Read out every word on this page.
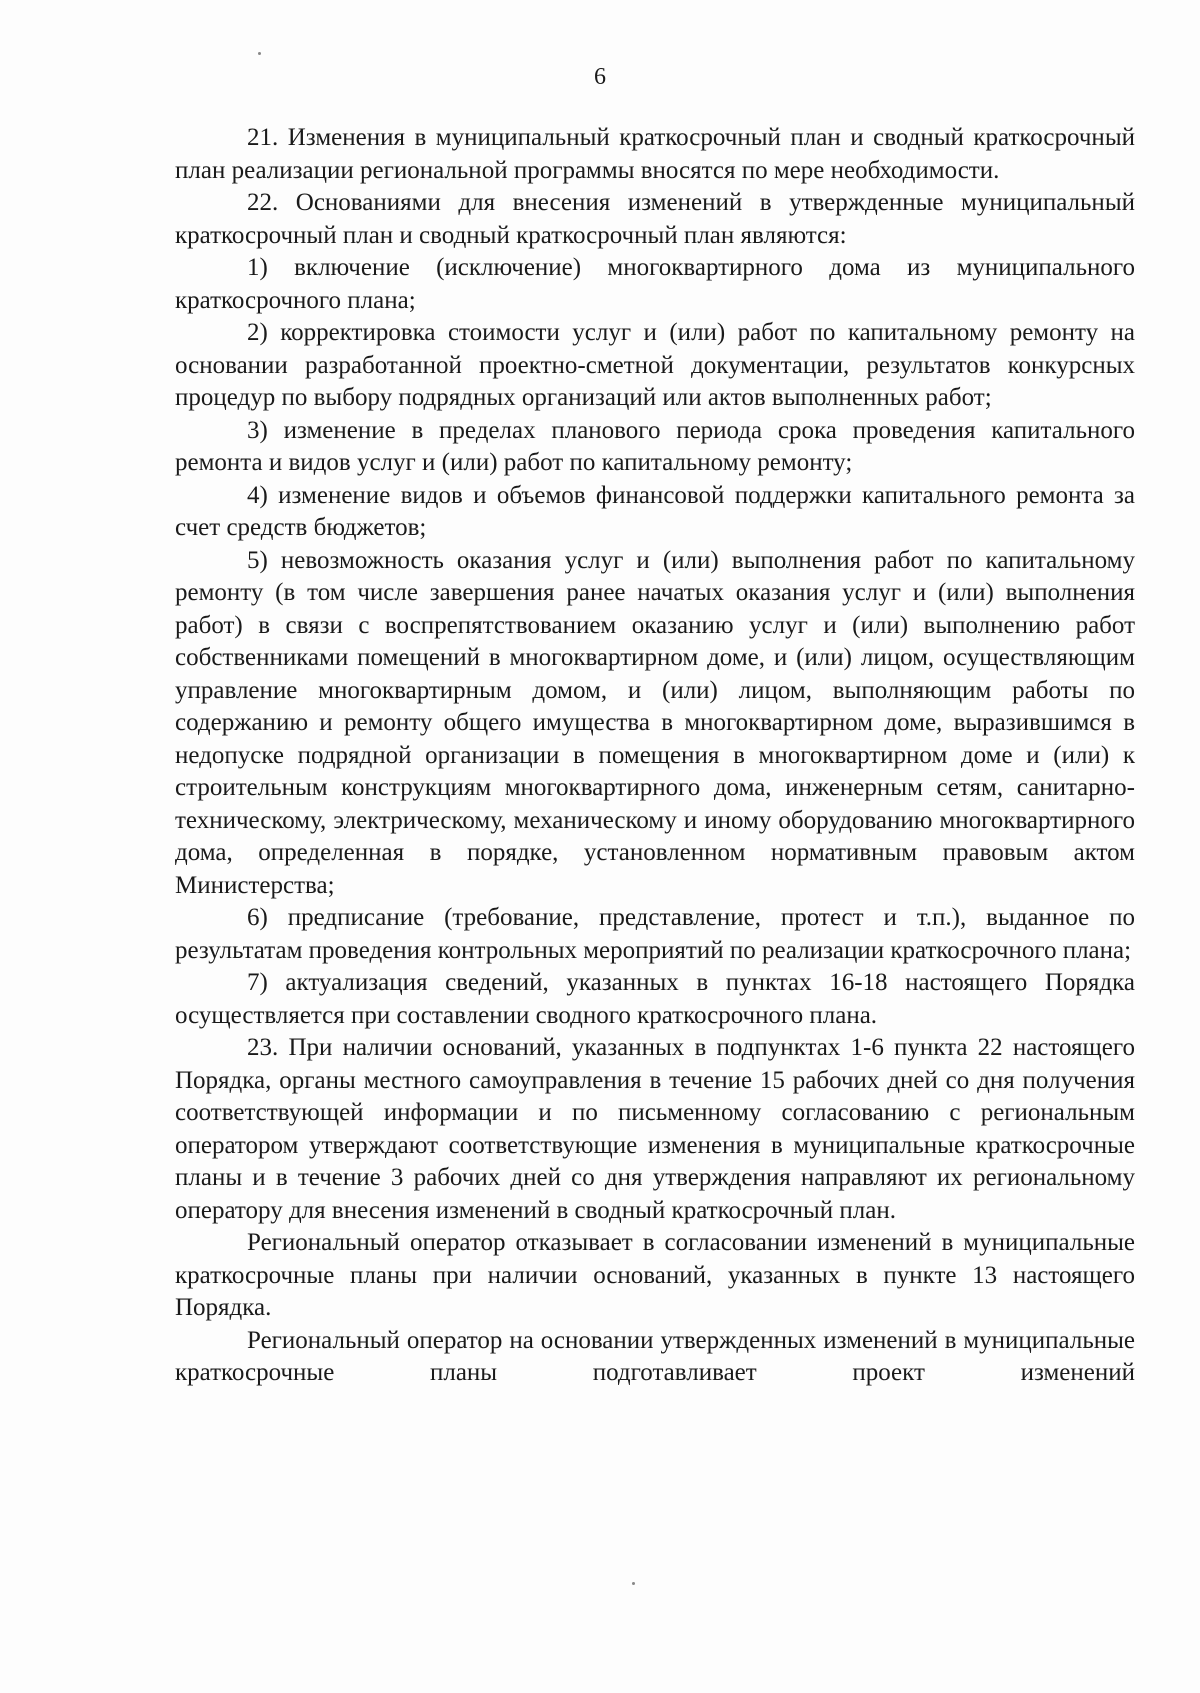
6

21. Изменения в муниципальный краткосрочный план и сводный краткосрочный план реализации региональной программы вносятся по мере необходимости.

22. Основаниями для внесения изменений в утвержденные муниципальный краткосрочный план и сводный краткосрочный план являются:

1) включение (исключение) многоквартирного дома из муниципального краткосрочного плана;

2) корректировка стоимости услуг и (или) работ по капитальному ремонту на основании разработанной проектно-сметной документации, результатов конкурсных процедур по выбору подрядных организаций или актов выполненных работ;

3) изменение в пределах планового периода срока проведения капитального ремонта и видов услуг и (или) работ по капитальному ремонту;

4) изменение видов и объемов финансовой поддержки капитального ремонта за счет средств бюджетов;

5) невозможность оказания услуг и (или) выполнения работ по капитальному ремонту (в том числе завершения ранее начатых оказания услуг и (или) выполнения работ) в связи с воспрепятствованием оказанию услуг и (или) выполнению работ собственниками помещений в многоквартирном доме, и (или) лицом, осуществляющим управление многоквартирным домом, и (или) лицом, выполняющим работы по содержанию и ремонту общего имущества в многоквартирном доме, выразившимся в недопуске подрядной организации в помещения в многоквартирном доме и (или) к строительным конструкциям многоквартирного дома, инженерным сетям, санитарно-техническому, электрическому, механическому и иному оборудованию многоквартирного дома, определенная в порядке, установленном нормативным правовым актом Министерства;

6) предписание (требование, представление, протест и т.п.), выданное по результатам проведения контрольных мероприятий по реализации краткосрочного плана;

7) актуализация сведений, указанных в пунктах 16-18 настоящего Порядка осуществляется при составлении сводного краткосрочного плана.

23. При наличии оснований, указанных в подпунктах 1-6 пункта 22 настоящего Порядка, органы местного самоуправления в течение 15 рабочих дней со дня получения соответствующей информации и по письменному согласованию с региональным оператором утверждают соответствующие изменения в муниципальные краткосрочные планы и в течение 3 рабочих дней со дня утверждения направляют их региональному оператору для внесения изменений в сводный краткосрочный план.

Региональный оператор отказывает в согласовании изменений в муниципальные краткосрочные планы при наличии оснований, указанных в пункте 13 настоящего Порядка.

Региональный оператор на основании утвержденных изменений в муниципальные краткосрочные планы подготавливает проект изменений
